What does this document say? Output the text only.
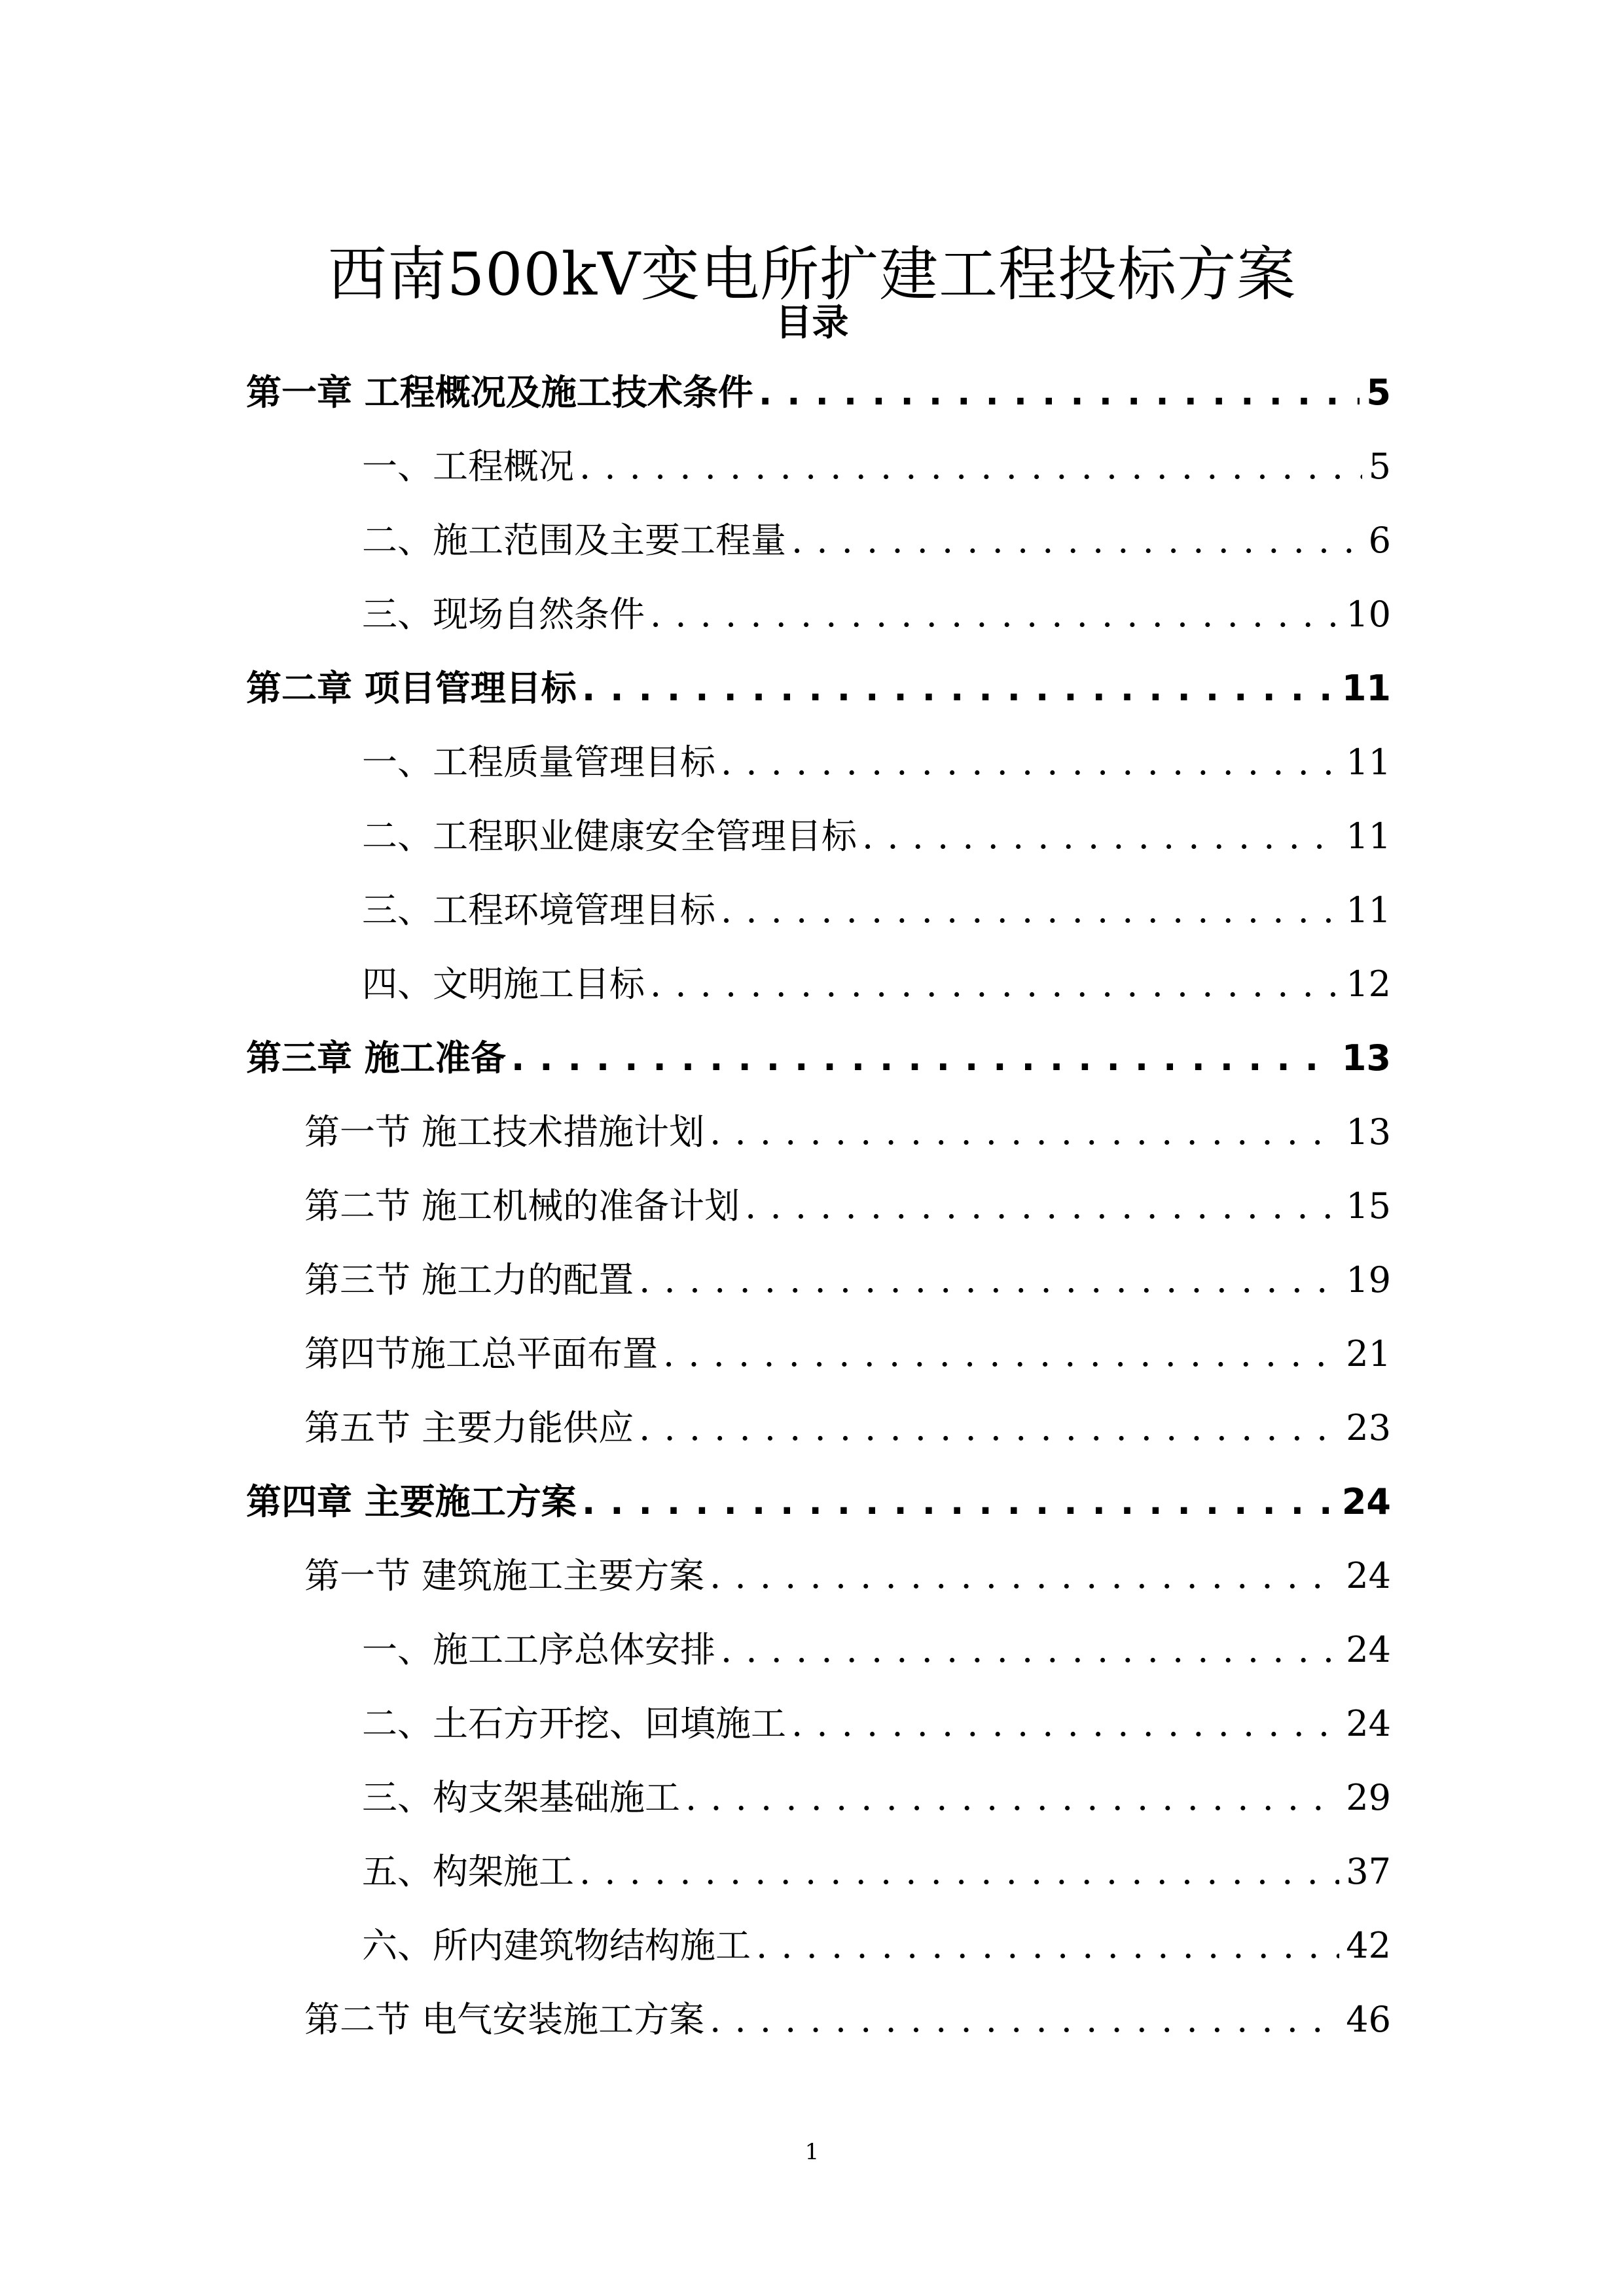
西南500kV变电所扩建工程投标方案
目录
第一章 工程概况及施工技术条件 . . .	5
一、工程概况 . . .	5
二、施工范围及主要工程量 . . .	6
三、现场自然条件 . . .	10
第二章 项目管理目标 . . .	11
一、工程质量管理目标 . . .	11
二、工程职业健康安全管理目标 . . .	11
三、工程环境管理目标 . . .	11
四、文明施工目标 . . .	12
第三章 施工准备 . . .	13
第一节 施工技术措施计划 . . .	13
第二节 施工机械的准备计划 . . .	15
第三节 施工力的配置 . . .	19
第四节施工总平面布置 . . .	21
第五节 主要力能供应 . . .	23
第四章 主要施工方案 . . .	24
第一节 建筑施工主要方案 . . .	24
一、施工工序总体安排 . . .	24
二、土石方开挖、回填施工 . . .	24
三、构支架基础施工 . . .	29
五、构架施工 . . .	37
六、所内建筑物结构施工 . . .	42
第二节 电气安装施工方案 . . .	46
1
